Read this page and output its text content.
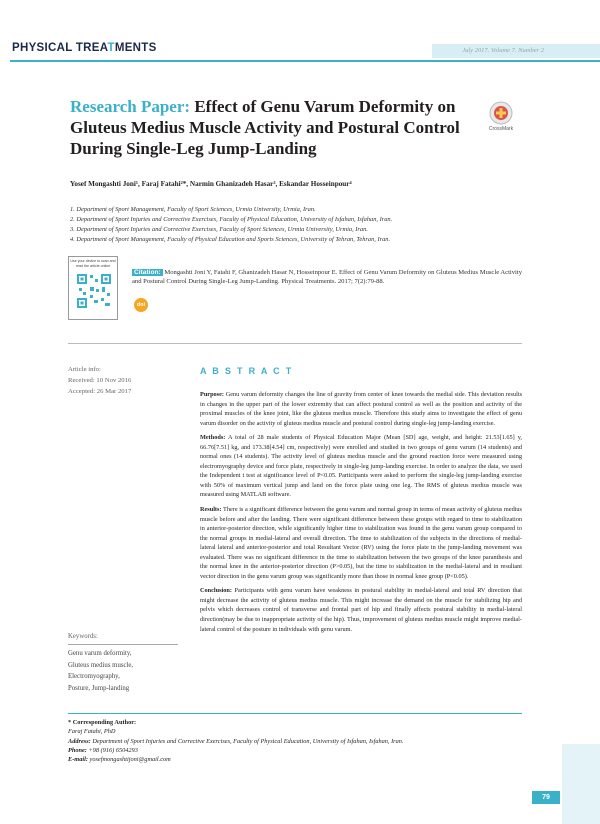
PHYSICAL TREATMENTS	July 2017. Volume 7. Number 2
Research Paper: Effect of Genu Varum Deformity on Gluteus Medius Muscle Activity and Postural Control During Single-Leg Jump-Landing
CrossMark
Yosef Mongashti Joni¹, Faraj Fatahi²*, Narmin Ghanizadeh Hasar³, Eskandar Hosseinpour⁴
1. Department of Sport Management, Faculty of Sport Sciences, Urmia University, Urmia, Iran.
2. Department of Sport Injuries and Corrective Exercises, Faculty of Physical Education, University of Isfahan, Isfahan, Iran.
3. Department of Sport Injuries and Corrective Exercises, Faculty of Sport Sciences, Urmia University, Urmia, Iran.
4. Department of Sport Management, Faculty of Physical Education and Sports Sciences, University of Tehran, Tehran, Iran.
Use your device to scan and read the article online
Citation: Mongashti Joni Y, Fatahi F, Ghanizadeh Hasar N, Hosseinpour E. Effect of Genu Varum Deformity on Gluteus Medius Muscle Activity and Postural Control During Single-Leg Jump-Landing. Physical Treatments. 2017; 7(2):79-88.
doi
Article info:
Received: 10 Nov 2016
Accepted: 26 Mar 2017
Keywords:
Genu varum deformity,
Gluteus medius muscle,
Electromyography,
Posture, Jump-landing
A B S T R A C T

Purpose: Genu varum deformity changes the line of gravity from center of knee towards the medial side. This deviation results in changes in the upper part of the lower extremity that can affect postural control as well as the position and activity of the proximal muscles of the knee joint, like the gluteus medius muscle. Therefore this study aims to investigate the effect of genu varum disorder on the activity of gluteus medius muscle and postural control during single-leg jump-landing exercise.

Methods: A total of 28 male students of Physical Education Major (Mean [SD] age, weight, and height: 21.53[1.65] y, 66.76[7.51] kg, and 173.38[4.54] cm, respectively) were enrolled and studied in two groups of genu varum (14 students) and normal ones (14 students). The activity level of gluteus medius muscle and the ground reaction force were measured using electromyography device and force plate, respectively in single-leg jump-landing exercise. In order to analyze the data, we used the Independent t test at significance level of P<0.05. Participants were asked to perform the single-leg jump-landing exercise with 50% of maximum vertical jump and land on the force plate using one leg. The RMS of gluteus medius muscle was measured using MATLAB software.

Results: There is a significant difference between the genu varum and normal group in terms of mean activity of gluteus medius muscle before and after the landing. There were significant difference between these groups with regard to time to stabilization in anterior-posterior direction, while significantly higher time to stabilization was found in the genu varum group compared to the normal groups in medial-lateral and overall direction. The time to stabilization of the subjects in the directions of medial-lateral lateral and anterior-posterior and total Resultant Vector (RV) using the force plate in the jump-landing movement was evaluated. There was no significant difference in the time to stabilization between the two groups of the knee paranthesis and the normal knee in the anterior-posterior direction (P>0.05), but the time to stabilization in the medial-lateral and in resultant vector direction in the genu varum group was significantly more than those in normal knee group (P<0.05).

Conclusion: Participants with genu varum have weakness in postural stability in medial-lateral and total RV direction that might decrease the activity of gluteus medius muscle. This might increase the demand on the muscle for stabilizing hip and pelvis which decreases control of transverse and frontal part of hip and finally affects postural stability in medial-lateral direction(may be due to inappropriate activity of the hip). Thus, improvement of gluteus medius muscle might improve medial-lateral control of the posture in individuals with genu varum.

* Corresponding Author:
Faraj Fatahi, PhD
Address: Department of Sport Injuries and Corrective Exercises, Faculty of Physical Education, University of Isfahan, Isfahan, Iran.
Phone: +98 (916) 6504293
E-mail: yosefmongashtijoni@gmail.com
79
